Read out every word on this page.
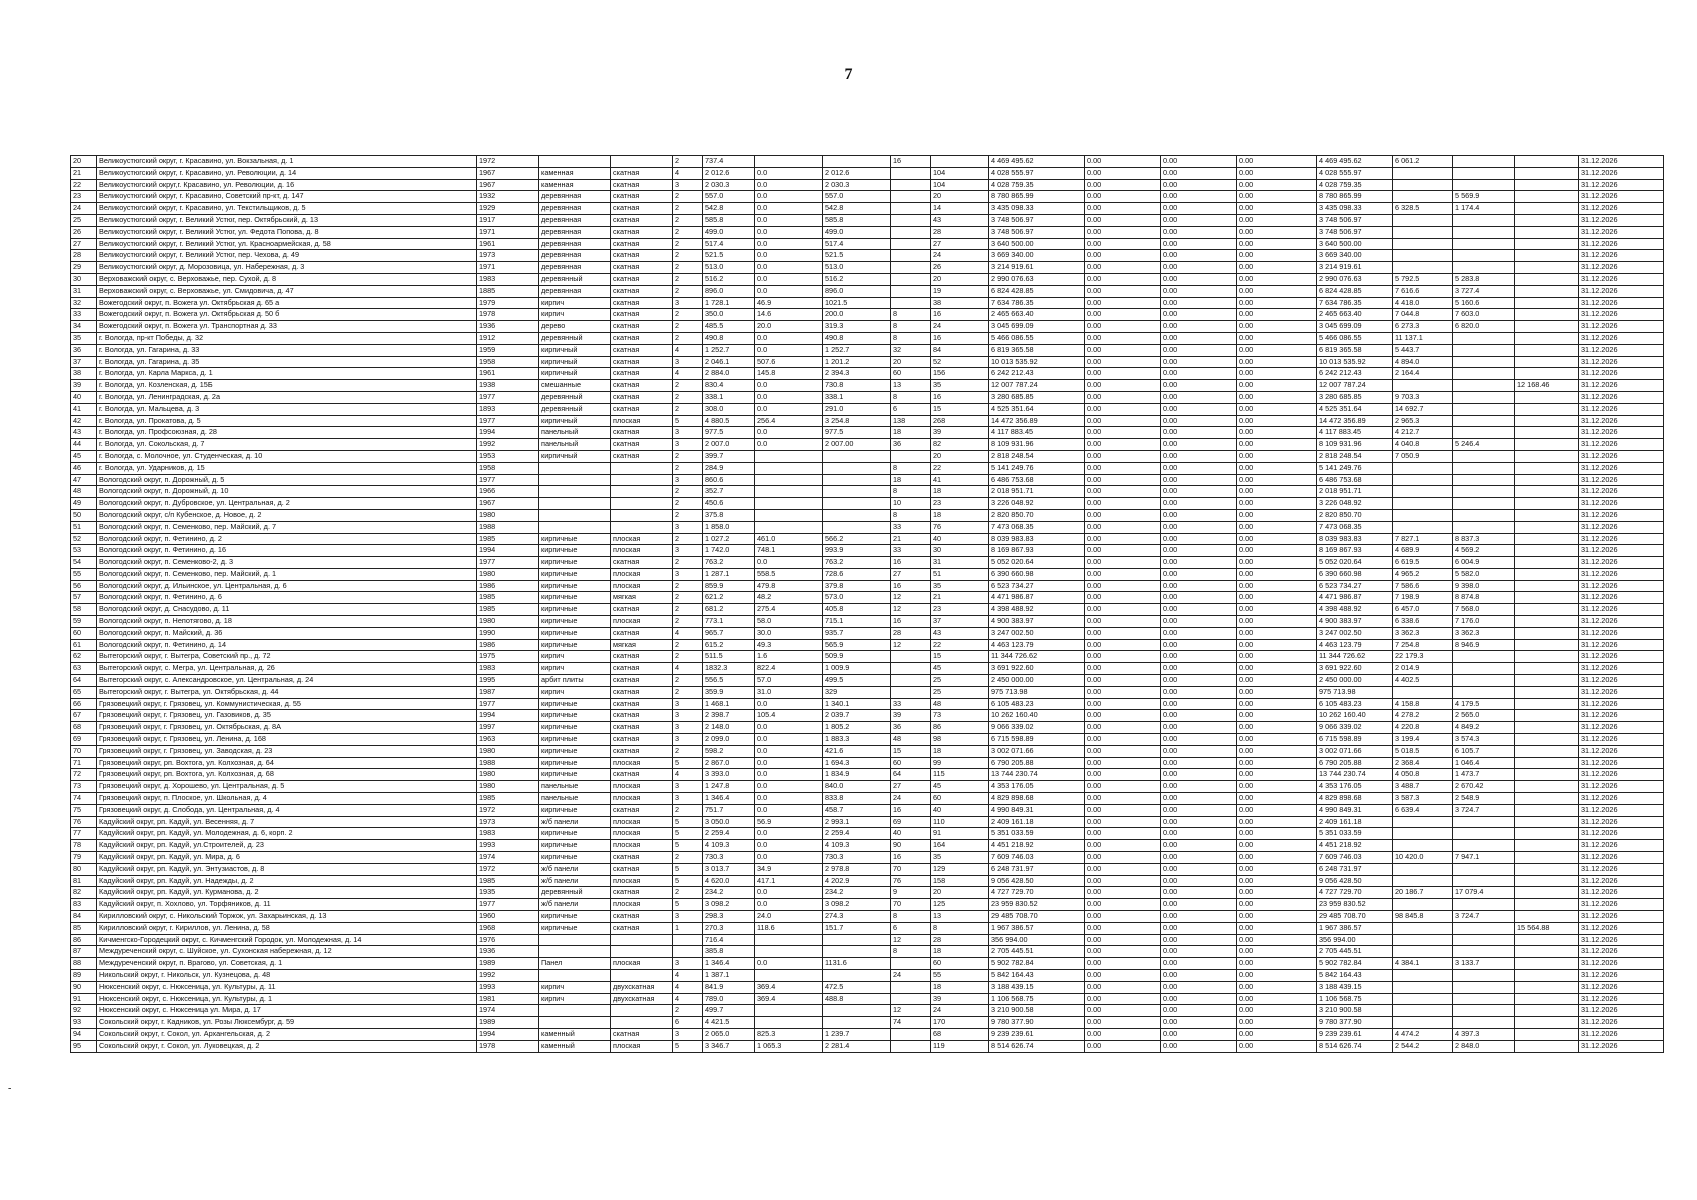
7
-
20	Великоустюгский округ, г. Красавино, ул. Вокзальная, д. 1	1972			2	737.4			16		4 469 495.62	0.00	0.00	0.00	4 469 495.62	6 061.2			31.12.2026
21	Великоустюгский округ, г. Красавино, ул. Революции, д. 14	1967	каменная	скатная	4	2 012.6	0.0	2 012.6		104	4 028 555.97	0.00	0.00	0.00	4 028 555.97				31.12.2026
22	Великоустюгский округ,г. Красавино, ул. Революции, д. 16	1967	каменная	скатная	3	2 030.3	0.0	2 030.3		104	4 028 759.35	0.00	0.00	0.00	4 028 759.35				31.12.2026
23	Великоустюгский округ, г. Красавино, Советский пр-кт, д. 147	1932	деревянная	скатная	2	557.0	0.0	557.0		20	8 780 865.99	0.00	0.00	0.00	8 780 865.99		5 569.9		31.12.2026
24	Великоустюгский округ, г. Красавино, ул. Текстильщиков, д. 5	1929	деревянная	скатная	2	542.8	0.0	542.8		14	3 435 098.33	0.00	0.00	0.00	3 435 098.33	6 328.5	1 174.4		31.12.2026
25	Великоустюгский округ, г. Великий Устюг, пер. Октябрьский, д. 13	1917	деревянная	скатная	2	585.8	0.0	585.8		43	3 748 506.97	0.00	0.00	0.00	3 748 506.97				31.12.2026
26	Великоустюгский округ, г. Великий Устюг, ул. Федота Попова, д. 8	1971	деревянная	скатная	2	499.0	0.0	499.0		28	3 748 506.97	0.00	0.00	0.00	3 748 506.97				31.12.2026
27	Великоустюгский округ, г. Великий Устюг, ул. Красноармейская, д. 58	1961	деревянная	скатная	2	517.4	0.0	517.4		27	3 640 500.00	0.00	0.00	0.00	3 640 500.00				31.12.2026
28	Великоустюгский округ, г. Великий Устюг, пер. Чехова, д. 49	1973	деревянная	скатная	2	521.5	0.0	521.5		24	3 669 340.00	0.00	0.00	0.00	3 669 340.00				31.12.2026
29	Великоустюгский округ, д. Морозовица, ул. Набережная, д. 3	1971	деревянная	скатная	2	513.0	0.0	513.0		26	3 214 919.61	0.00	0.00	0.00	3 214 919.61				31.12.2026
30	Верховажский округ, с. Верховажье, пер. Сухой, д. 8	1983	деревянный	скатная	2	516.2	0.0	516.2		20	2 990 076.63	0.00	0.00	0.00	2 990 076.63	5 792.5	5 283.8		31.12.2026
31	Верховажский округ, с. Верховажье, ул. Смидовича, д. 47	1885	деревянная	скатная	2	896.0	0.0	896.0		19	6 824 428.85	0.00	0.00	0.00	6 824 428.85	7 616.6	3 727.4		31.12.2026
32	Вожегодский округ, п. Вожега ул. Октябрьская д. 65 а	1979	кирпич	скатная	3	1 728.1	46.9	1021.5		38	7 634 786.35	0.00	0.00	0.00	7 634 786.35	4 418.0	5 160.6		31.12.2026
33	Вожегодский округ, п. Вожега ул. Октябрьская д. 50 б	1978	кирпич	скатная	2	350.0	14.6	200.0	8	16	2 465 663.40	0.00	0.00	0.00	2 465 663.40	7 044.8	7 603.0		31.12.2026
34	Вожегодский округ, п. Вожега ул. Транспортная д. 33	1936	дерево	скатная	2	485.5	20.0	319.3	8	24	3 045 699.09	0.00	0.00	0.00	3 045 699.09	6 273.3	6 820.0		31.12.2026
35	г. Вологда, пр-кт Победы, д. 32	1912	деревянный	скатная	2	490.8	0.0	490.8	8	16	5 466 086.55	0.00	0.00	0.00	5 466 086.55	11 137.1			31.12.2026
36	г. Вологда, ул. Гагарина, д. 33	1959	кирпичный	скатная	4	1 252.7	0.0	1 252.7	32	84	6 819 365.58	0.00	0.00	0.00	6 819 365.58	5 443.7			31.12.2026
37	г. Вологда, ул. Гагарина, д. 35	1958	кирпичный	скатная	3	2 046.1	507.6	1 201.2	20	52	10 013 535.92	0.00	0.00	0.00	10 013 535.92	4 894.0			31.12.2026
38	г. Вологда, ул. Карла Маркса, д. 1	1961	кирпичный	скатная	4	2 884.0	145.8	2 394.3	60	156	6 242 212.43	0.00	0.00	0.00	6 242 212.43	2 164.4			31.12.2026
39	г. Вологда, ул. Козленская, д. 15Б	1938	смешанные	скатная	2	830.4	0.0	730.8	13	35	12 007 787.24	0.00	0.00	0.00	12 007 787.24			12 168.46	31.12.2026
40	г. Вологда, ул. Ленинградская, д. 2а	1977	деревянный	скатная	2	338.1	0.0	338.1	8	16	3 280 685.85	0.00	0.00	0.00	3 280 685.85	9 703.3			31.12.2026
41	г. Вологда, ул. Мальцева, д. 3	1893	деревянный	скатная	2	308.0	0.0	291.0	6	15	4 525 351.64	0.00	0.00	0.00	4 525 351.64	14 692.7			31.12.2026
42	г. Вологда, ул. Прокатова, д. 5	1977	кирпичный	плоская	5	4 880.5	256.4	3 254.8	138	268	14 472 356.89	0.00	0.00	0.00	14 472 356.89	2 965.3			31.12.2026
43	г. Вологда, ул. Профсоюзная, д. 28	1994	панельный	скатная	3	977.5	0.0	977.5	18	39	4 117 883.45	0.00	0.00	0.00	4 117 883.45	4 212.7			31.12.2026
44	г. Вологда, ул. Сокольская, д. 7	1992	панельный	скатная	3	2 007.0	0.0	2 007.00	36	82	8 109 931.96	0.00	0.00	0.00	8 109 931.96	4 040.8	5 246.4		31.12.2026
45	г. Вологда, с. Молочное, ул. Студенческая, д. 10	1953	кирпичный	скатная	2	399.7				20	2 818 248.54	0.00	0.00	0.00	2 818 248.54	7 050.9			31.12.2026
46	г. Вологда, ул. Ударников, д. 15	1958			2	284.9			8	22	5 141 249.76	0.00	0.00	0.00	5 141 249.76				31.12.2026
47	Вологодский округ, п. Дорожный, д. 5	1977			3	860.6			18	41	6 486 753.68	0.00	0.00	0.00	6 486 753.68				31.12.2026
48	Вологодский округ, п. Дорожный, д. 10	1966			2	352.7			8	18	2 018 951.71	0.00	0.00	0.00	2 018 951.71				31.12.2026
49	Вологодский округ, п. Дубровское, ул. Центральная, д. 2	1967			2	450.6			10	23	3 226 048.92	0.00	0.00	0.00	3 226 048.92				31.12.2026
50	Вологодский округ, с/п Кубенское, д. Новое, д. 2	1980			2	375.8			8	18	2 820 850.70	0.00	0.00	0.00	2 820 850.70				31.12.2026
51	Вологодский округ, п. Семенково, пер. Майский, д. 7	1988			3	1 858.0			33	76	7 473 068.35	0.00	0.00	0.00	7 473 068.35				31.12.2026
52	Вологодский округ, п. Фетинино, д. 2	1985	кирпичные	плоская	2	1 027.2	461.0	566.2	21	40	8 039 983.83	0.00	0.00	0.00	8 039 983.83	7 827.1	8 837.3		31.12.2026
53	Вологодский округ, п. Фетинино, д. 16	1994	кирпичные	плоская	3	1 742.0	748.1	993.9	33	30	8 169 867.93	0.00	0.00	0.00	8 169 867.93	4 689.9	4 569.2		31.12.2026
54	Вологодский округ, п. Семенково-2, д. 3	1977	кирпичные	скатная	2	763.2	0.0	763.2	16	31	5 052 020.64	0.00	0.00	0.00	5 052 020.64	6 619.5	6 004.9		31.12.2026
55	Вологодский округ, п. Семенково, пер. Майский, д. 1	1980	кирпичные	плоская	3	1 287.1	558.5	728.6	27	51	6 390 660.98	0.00	0.00	0.00	6 390 660.98	4 965.2	5 582.0		31.12.2026
56	Вологодский округ, д. Ильинское, ул. Центральная, д. 6	1986	кирпичные	плоская	2	859.9	479.8	379.8	16	35	6 523 734.27	0.00	0.00	0.00	6 523 734.27	7 586.6	9 398.0		31.12.2026
57	Вологодский округ, п. Фетинино, д. 6	1985	кирпичные	мягкая	2	621.2	48.2	573.0	12	21	4 471 986.87	0.00	0.00	0.00	4 471 986.87	7 198.9	8 874.8		31.12.2026
58	Вологодский округ, д. Снасудово, д. 11	1985	кирпичные	скатная	2	681.2	275.4	405.8	12	23	4 398 488.92	0.00	0.00	0.00	4 398 488.92	6 457.0	7 568.0		31.12.2026
59	Вологодский округ, п. Непотягово, д. 18	1980	кирпичные	плоская	2	773.1	58.0	715.1	16	37	4 900 383.97	0.00	0.00	0.00	4 900 383.97	6 338.6	7 176.0		31.12.2026
60	Вологодский округ, п. Майский, д. 36	1990	кирпичные	скатная	4	965.7	30.0	935.7	28	43	3 247 002.50	0.00	0.00	0.00	3 247 002.50	3 362.3	3 362.3		31.12.2026
61	Вологодский округ, п. Фетинино, д. 14	1986	кирпичные	мягкая	2	615.2	49.3	565.9	12	22	4 463 123.79	0.00	0.00	0.00	4 463 123.79	7 254.8	8 946.9		31.12.2026
62	Вытегорский округ, г. Вытегра, Советский пр., д. 72	1975	кирпич	скатная	2	511.5	1.6	509.9		15	11 344 726.62	0.00	0.00	0.00	11 344 726.62	22 179.3			31.12.2026
63	Вытегорский округ, с. Мегра, ул. Центральная, д. 26	1983	кирпич	скатная	4	1832.3	822.4	1 009.9		45	3 691 922.60	0.00	0.00	0.00	3 691 922.60	2 014.9			31.12.2026
64	Вытегорский округ, с. Александровское, ул. Центральная, д. 24	1995	арбит плиты	скатная	2	556.5	57.0	499.5		25	2 450 000.00	0.00	0.00	0.00	2 450 000.00	4 402.5			31.12.2026
65	Вытегорский округ, г. Вытегра, ул. Октябрьская, д. 44	1987	кирпич	скатная	2	359.9	31.0	329		25	975 713.98	0.00	0.00	0.00	975 713.98				31.12.2026
66	Грязовецкий округ, г. Грязовец, ул. Коммунистическая, д. 55	1977	кирпичные	скатная	3	1 468.1	0.0	1 340.1	33	48	6 105 483.23	0.00	0.00	0.00	6 105 483.23	4 158.8	4 179.5		31.12.2026
67	Грязовецкий округ, г. Грязовец, ул. Газовиков, д. 35	1994	кирпичные	скатная	3	2 398.7	105.4	2 039.7	39	73	10 262 160.40	0.00	0.00	0.00	10 262 160.40	4 278.2	2 565.0		31.12.2026
68	Грязовецкий округ, г. Грязовец, ул. Октябрьская, д. 8А	1997	кирпичные	скатная	3	2 148.0	0.0	1 805.2	36	86	9 066 339.02	0.00	0.00	0.00	9 066 339.02	4 220.8	4 849.2		31.12.2026
69	Грязовецкий округ, г. Грязовец, ул. Ленина, д. 168	1963	кирпичные	скатная	3	2 099.0	0.0	1 883.3	48	98	6 715 598.89	0.00	0.00	0.00	6 715 598.89	3 199.4	3 574.3		31.12.2026
70	Грязовецкий округ, г. Грязовец, ул. Заводская, д. 23	1980	кирпичные	скатная	2	598.2	0.0	421.6	15	18	3 002 071.66	0.00	0.00	0.00	3 002 071.66	5 018.5	6 105.7		31.12.2026
71	Грязовецкий округ, рп. Вохтога, ул. Колхозная, д. 64	1988	кирпичные	плоская	5	2 867.0	0.0	1 694.3	60	99	6 790 205.88	0.00	0.00	0.00	6 790 205.88	2 368.4	1 046.4		31.12.2026
72	Грязовецкий округ, рп. Вохтога, ул. Колхозная, д. 68	1980	кирпичные	скатная	4	3 393.0	0.0	1 834.9	64	115	13 744 230.74	0.00	0.00	0.00	13 744 230.74	4 050.8	1 473.7		31.12.2026
73	Грязовецкий округ, д. Хорошево, ул. Центральная, д. 5	1980	панельные	плоская	3	1 247.8	0.0	840.0	27	45	4 353 176.05	0.00	0.00	0.00	4 353 176.05	3 488.7	2 670.42		31.12.2026
74	Грязовецкий округ, п. Плоское, ул. Школьная, д. 4	1985	панельные	плоская	3	1 346.4	0.0	833.8	24	60	4 829 898.68	0.00	0.00	0.00	4 829 898.68	3 587.3	2 548.9		31.12.2026
75	Грязовецкий округ, д. Слобода, ул. Центральная, д. 4	1972	кирпичные	скатная	2	751.7	0.0	458.7	16	40	4 990 849.31	0.00	0.00	0.00	4 990 849.31	6 639.4	3 724.7		31.12.2026
76	Кадуйский округ, рп. Кадуй, ул. Весенняя, д. 7	1973	ж/б панели	плоская	5	3 050.0	56.9	2 993.1	69	110	2 409 161.18	0.00	0.00	0.00	2 409 161.18				31.12.2026
77	Кадуйский округ, рп. Кадуй, ул. Молодежная, д. 6, корп. 2	1983	кирпичные	плоская	5	2 259.4	0.0	2 259.4	40	91	5 351 033.59	0.00	0.00	0.00	5 351 033.59				31.12.2026
78	Кадуйский округ, рп. Кадуй, ул.Строителей, д. 23	1993	кирпичные	плоская	5	4 109.3	0.0	4 109.3	90	164	4 451 218.92	0.00	0.00	0.00	4 451 218.92				31.12.2026
79	Кадуйский округ, рп. Кадуй, ул. Мира, д. 6	1974	кирпичные	скатная	2	730.3	0.0	730.3	16	35	7 609 746.03	0.00	0.00	0.00	7 609 746.03	10 420.0	7 947.1		31.12.2026
80	Кадуйский округ, рп. Кадуй, ул. Энтузиастов, д. 8	1972	ж/б панели	скатная	5	3 013.7	34.9	2 978.8	70	129	6 248 731.97	0.00	0.00	0.00	6 248 731.97				31.12.2026
81	Кадуйский округ, рп. Кадуй, ул. Надежды, д. 2	1985	ж/б панели	плоская	5	4 620.0	417.1	4 202.9	76	158	9 056 428.50	0.00	0.00	0.00	9 056 428.50				31.12.2026
82	Кадуйский округ, рп. Кадуй, ул. Курманова, д. 2	1935	деревянный	скатная	2	234.2	0.0	234.2	9	20	4 727 729.70	0.00	0.00	0.00	4 727 729.70	20 186.7	17 079.4		31.12.2026
83	Кадуйский округ, п. Хохлово, ул. Торфяников, д. 11	1977	ж/б панели	плоская	5	3 098.2	0.0	3 098.2	70	125	23 959 830.52	0.00	0.00	0.00	23 959 830.52				31.12.2026
84	Кирилловский округ, с. Никольский Торжок, ул. Захарьинская, д. 13	1960	кирпичные	скатная	3	298.3	24.0	274.3	8	13	29 485 708.70	0.00	0.00	0.00	29 485 708.70	98 845.8	3 724.7		31.12.2026
85	Кирилловский округ, г. Кириллов, ул. Ленина, д. 58	1968	кирпичные	скатная	1	270.3	118.6	151.7	6	8	1 967 386.57	0.00	0.00	0.00	1 967 386.57			15 564.88	31.12.2026
86	Кичменгско-Городецкий округ, с. Кичменгский Городок, ул. Молодежная, д. 14	1976				716.4			12	28	356 994.00	0.00	0.00	0.00	356 994.00				31.12.2026
87	Междуреченский округ, с. Шуйское, ул. Сухонская набережная, д. 12	1936				385.8			8	18	2 705 445.51	0.00	0.00	0.00	2 705 445.51				31.12.2026
88	Междуреченский округ, п. Врагово, ул. Советская, д. 1	1989	Панел	плоская	3	1 346.4	0.0	1131.6		60	5 902 782.84	0.00	0.00	0.00	5 902 782.84	4 384.1	3 133.7		31.12.2026
89	Никольский округ, г. Никольск, ул. Кузнецова, д. 48	1992			4	1 387.1			24	55	5 842 164.43	0.00	0.00	0.00	5 842 164.43				31.12.2026
90	Нюксенский округ, с. Нюксеница, ул. Культуры, д. 11	1993	кирпич	двухскатная	4	841.9	369.4	472.5		18	3 188 439.15	0.00	0.00	0.00	3 188 439.15				31.12.2026
91	Нюксенский округ, с. Нюксеница, ул. Культуры, д. 1	1981	кирпич	двухскатная	4	789.0	369.4	488.8		39	1 106 568.75	0.00	0.00	0.00	1 106 568.75				31.12.2026
92	Нюксенский округ, с. Нюксеница ул. Мира, д. 17	1974			2	499.7			12	24	3 210 900.58	0.00	0.00	0.00	3 210 900.58				31.12.2026
93	Сокольский округ, г. Кадников, ул. Розы Люксембург, д. 59	1989			6	4 421.5			74	170	9 780 377.90	0.00	0.00	0.00	9 780 377.90				31.12.2026
94	Сокольский округ, г. Сокол, ул. Архангельская, д. 2	1994	каменный	скатная	3	2 065.0	825.3	1 239.7		68	9 239 239.61	0.00	0.00	0.00	9 239 239.61	4 474.2	4 397.3		31.12.2026
95	Сокольский округ, г. Сокол, ул. Луковецкая, д. 2	1978	каменный	плоская	5	3 346.7	1 065.3	2 281.4		119	8 514 626.74	0.00	0.00	0.00	8 514 626.74	2 544.2	2 848.0		31.12.2026
